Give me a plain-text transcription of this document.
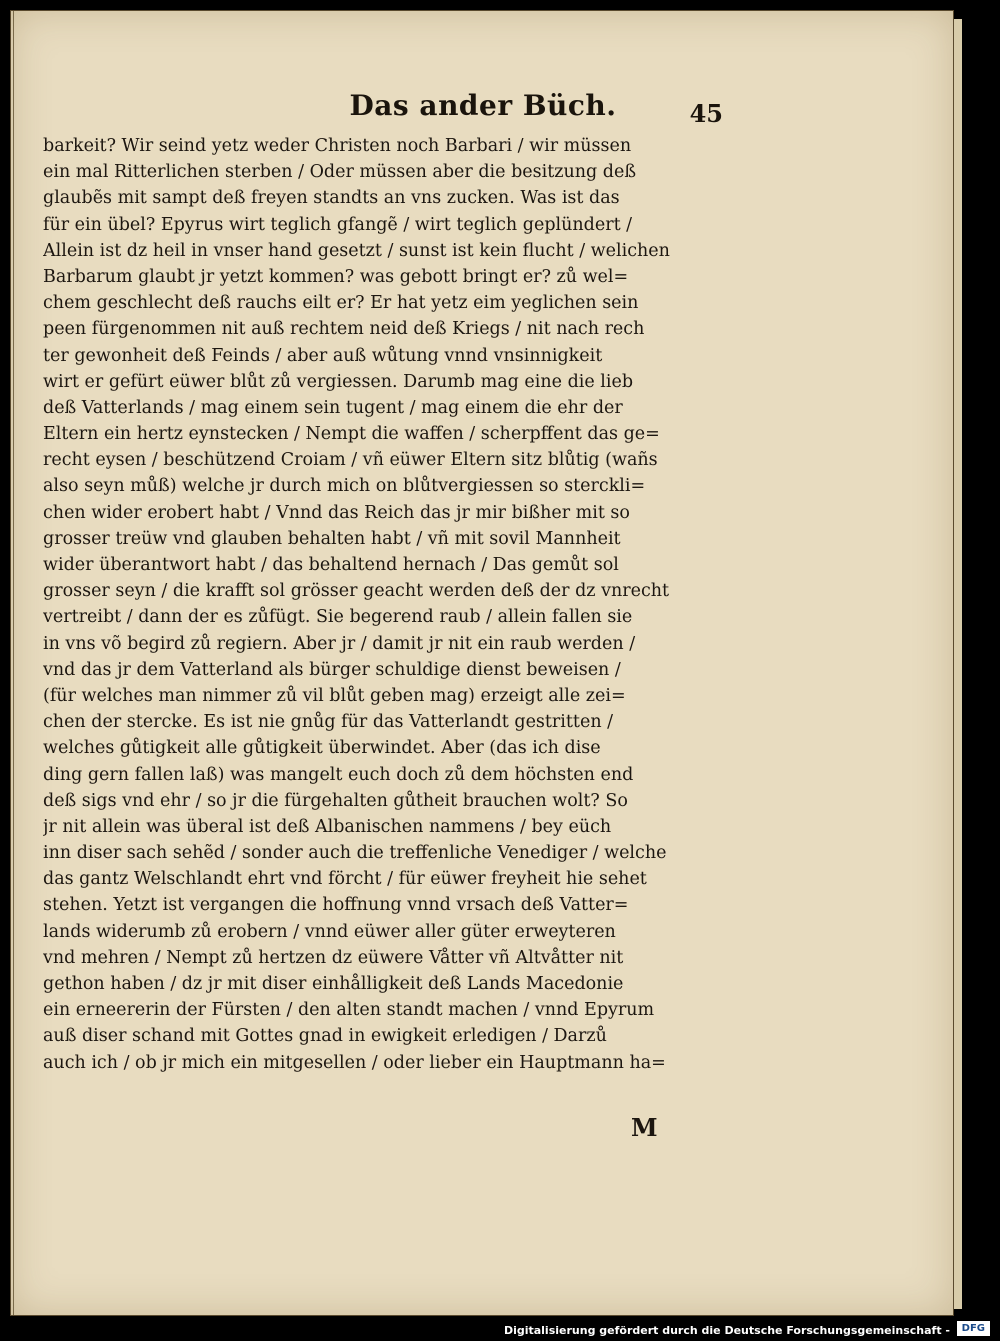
Das ander Büch.	45
barkeit? Wir seind yetz weder Christen noch Barbari / wir müssen
ein mal Ritterlichen sterben / Oder müssen aber die besitzung deß
glaubẽs mit sampt deß freyen standts an vns zucken. Was ist das
für ein übel? Epyrus wirt teglich gfangẽ / wirt teglich geplündert /
Allein ist dz heil in vnser hand gesetzt / sunst ist kein flucht / welichen
Barbarum glaubt jr yetzt kommen? was gebott bringt er? zů wel=
chem geschlecht deß rauchs eilt er? Er hat yetz eim yeglichen sein
peen fürgenommen nit auß rechtem neid deß Kriegs / nit nach rech
ter gewonheit deß Feinds / aber auß wůtung vnnd vnsinnigkeit
wirt er gefürt eüwer blůt zů vergiessen. Darumb mag eine die lieb
deß Vatterlands / mag einem sein tugent / mag einem die ehr der
Eltern ein hertz eynstecken / Nempt die waffen / scherpffent das ge=
recht eysen / beschützend Croiam / vñ eüwer Eltern sitz blůtig (wañs
also seyn můß) welche jr durch mich on blůtvergiessen so sterckli=
chen wider erobert habt / Vnnd das Reich das jr mir bißher mit so
grosser treüw vnd glauben behalten habt / vñ mit sovil Mannheit
wider überantwort habt / das behaltend hernach / Das gemůt sol
grosser seyn / die krafft sol grösser geacht werden deß der dz vnrecht
vertreibt / dann der es zůfügt. Sie begerend raub / allein fallen sie
in vns võ begird zů regiern. Aber jr / damit jr nit ein raub werden /
vnd das jr dem Vatterland als bürger schuldige dienst beweisen /
(für welches man nimmer zů vil blůt geben mag) erzeigt alle zei=
chen der stercke. Es ist nie gnůg für das Vatterlandt gestritten /
welches gůtigkeit alle gůtigkeit überwindet. Aber (das ich dise
ding gern fallen laß) was mangelt euch doch zů dem höchsten end
deß sigs vnd ehr / so jr die fürgehalten gůtheit brauchen wolt? So
jr nit allein was überal ist deß Albanischen nammens / bey eüch
inn diser sach sehẽd / sonder auch die treffenliche Venediger / welche
das gantz Welschlandt ehrt vnd förcht / für eüwer freyheit hie sehet
stehen. Yetzt ist vergangen die hoffnung vnnd vrsach deß Vatter=
lands widerumb zů erobern / vnnd eüwer aller güter erweyteren
vnd mehren / Nempt zů hertzen dz eüwere Våtter vñ Altvåtter nit
gethon haben / dz jr mit diser einhålligkeit deß Lands Macedonie
ein erneererin der Fürsten / den alten standt machen / vnnd Epyrum
auß diser schand mit Gottes gnad in ewigkeit erledigen / Darzů
auch ich / ob jr mich ein mitgesellen / oder lieber ein Hauptmann ha=
M
Digitalisierung gefördert durch die Deutsche Forschungsgemeinschaft -	DFG
